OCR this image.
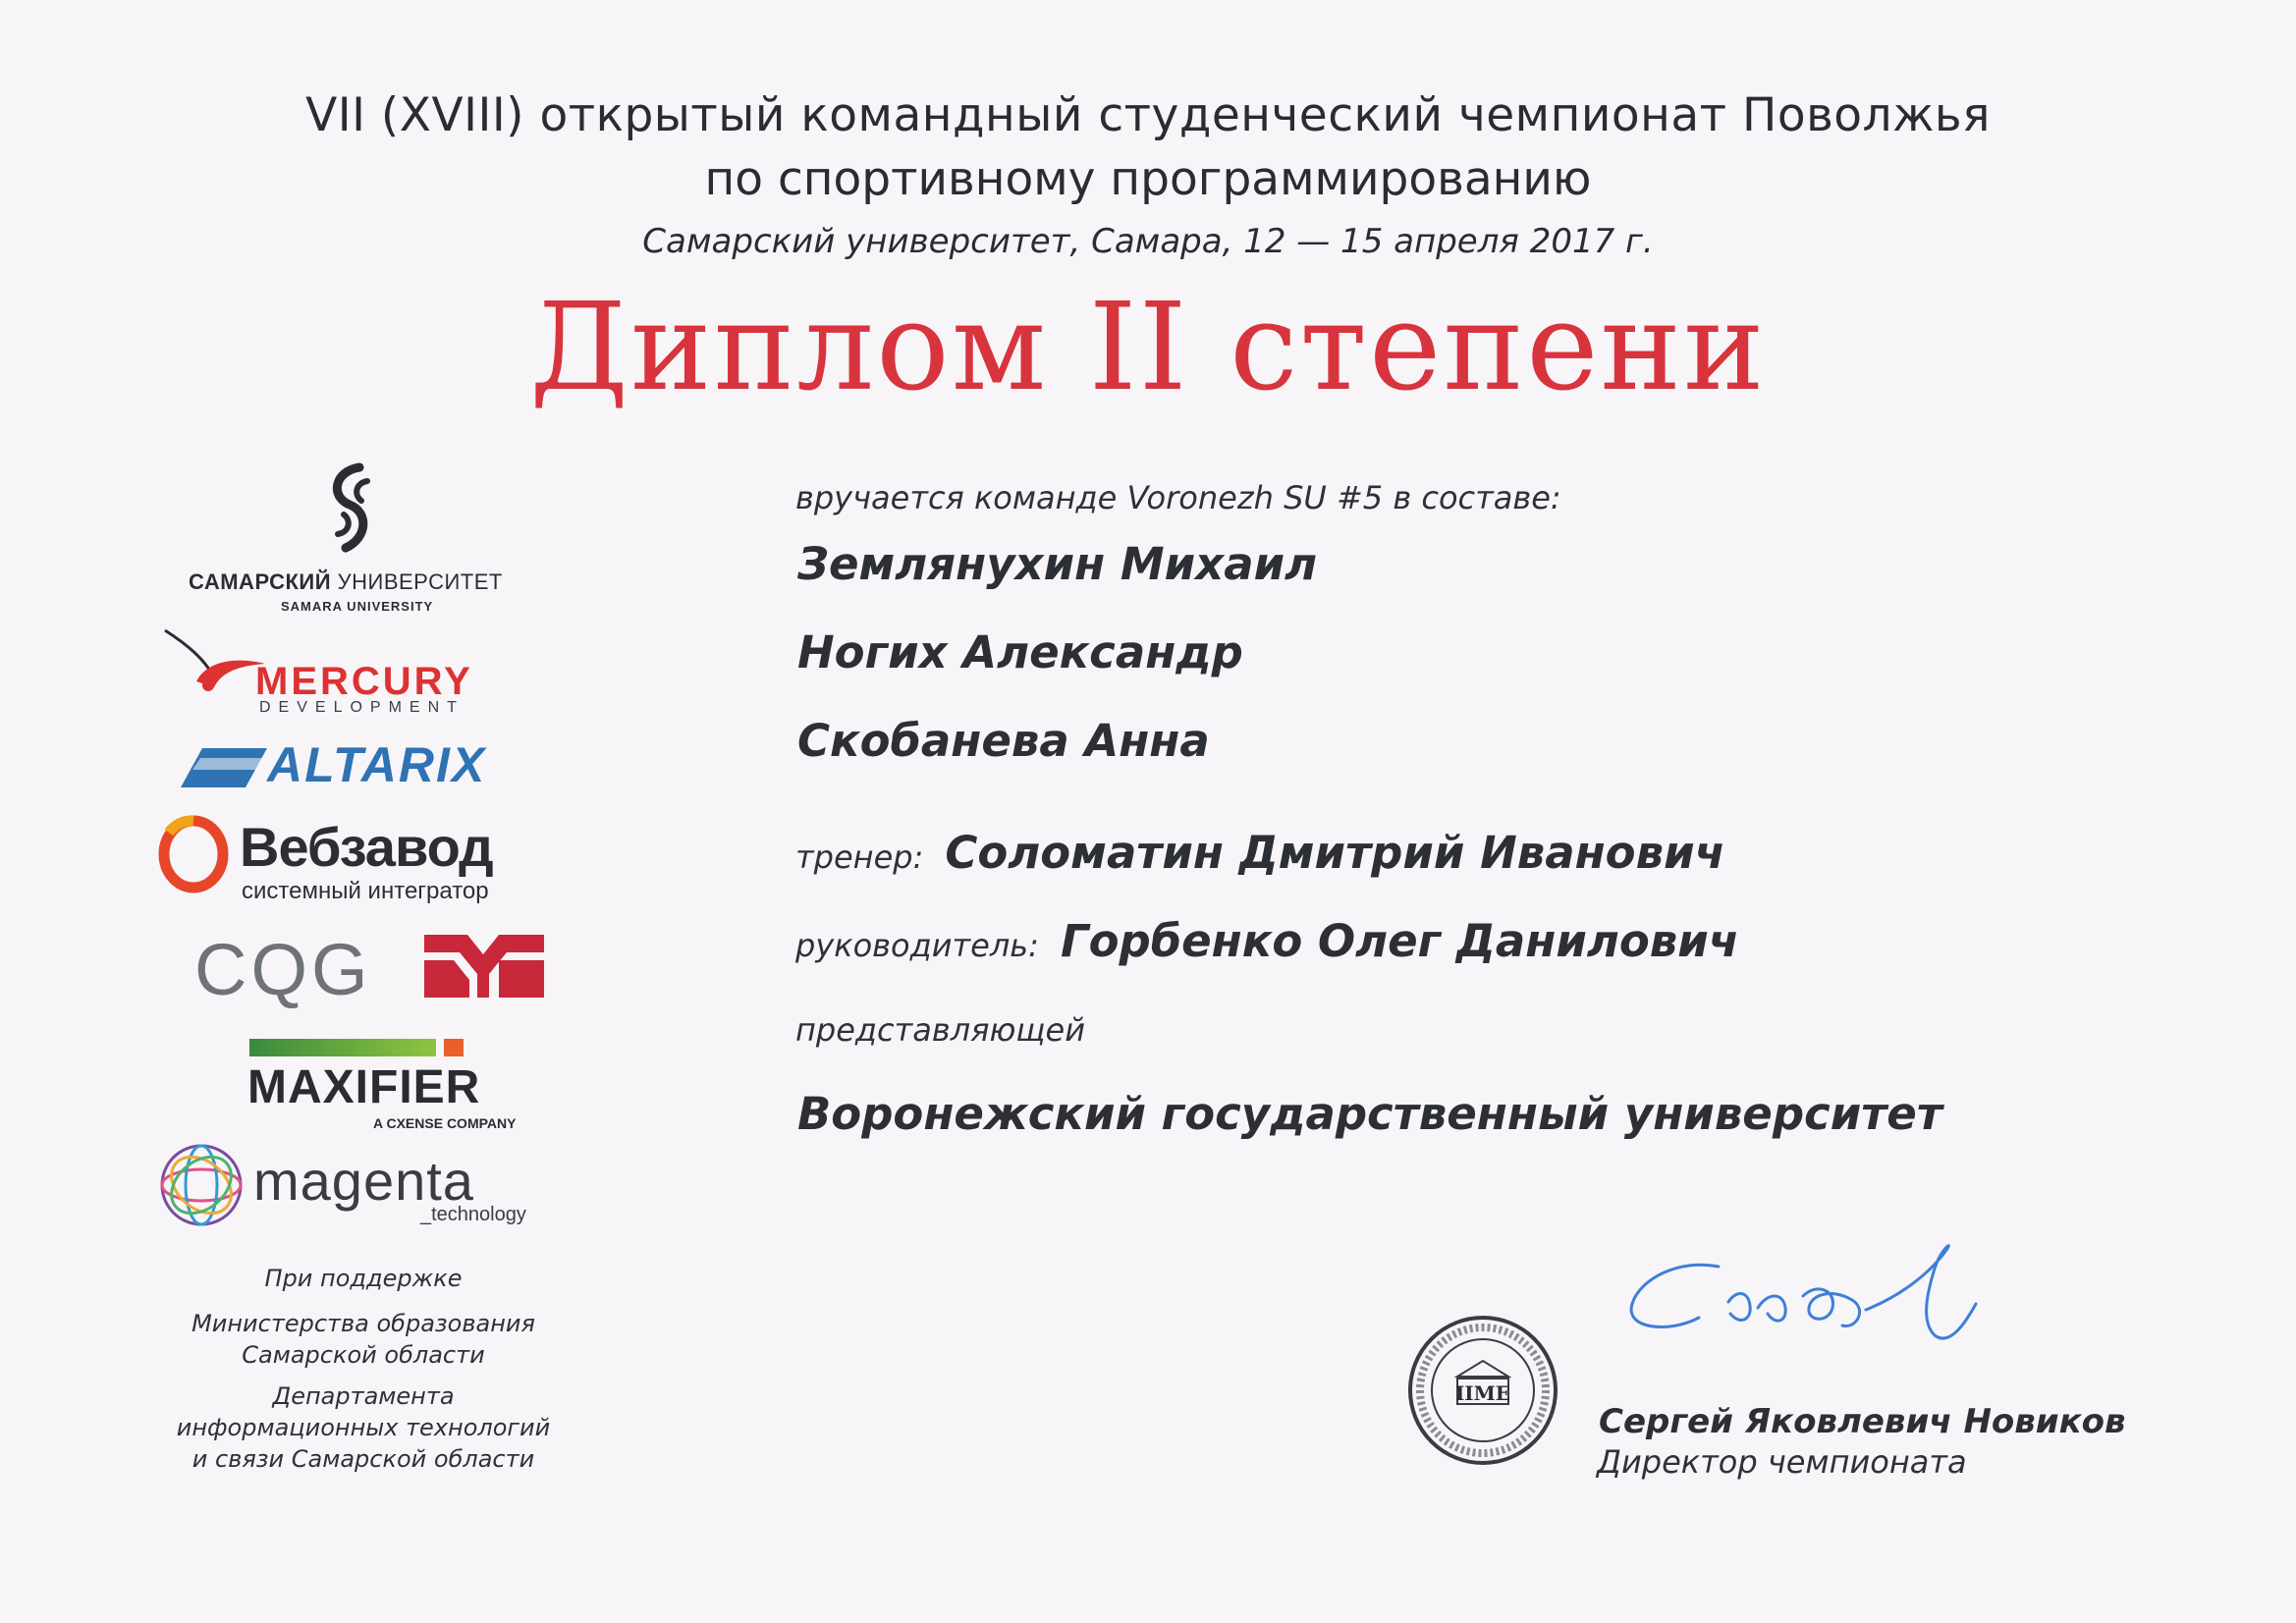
VII (XVIII) открытый командный студенческий чемпионат Поволжья
по спортивному программированию
Самарский университет, Самара, 12 — 15 апреля 2017 г.
Диплом II степени
вручается команде Voronezh SU #5 в составе:
Землянухин Михаил
Ногих Александр
Скобанева Анна
тренер: Соломатин Дмитрий Иванович
руководитель: Горбенко Олег Данилович
представляющей
Воронежский государственный университет
САМАРСКИЙ УНИВЕРСИТЕТ
SAMARA UNIVERSITY
MERCURY
DEVELOPMENT
ALTARIX
Вебзавод
системный интегратор
CQG
MAXIFIER
A CXENSE COMPANY
magenta
_technology
При поддержке
Министерства образования
Самарской области
Департамента
информационных технологий
и связи Самарской области
IIME
Сергей Яковлевич Новиков
Директор чемпионата
